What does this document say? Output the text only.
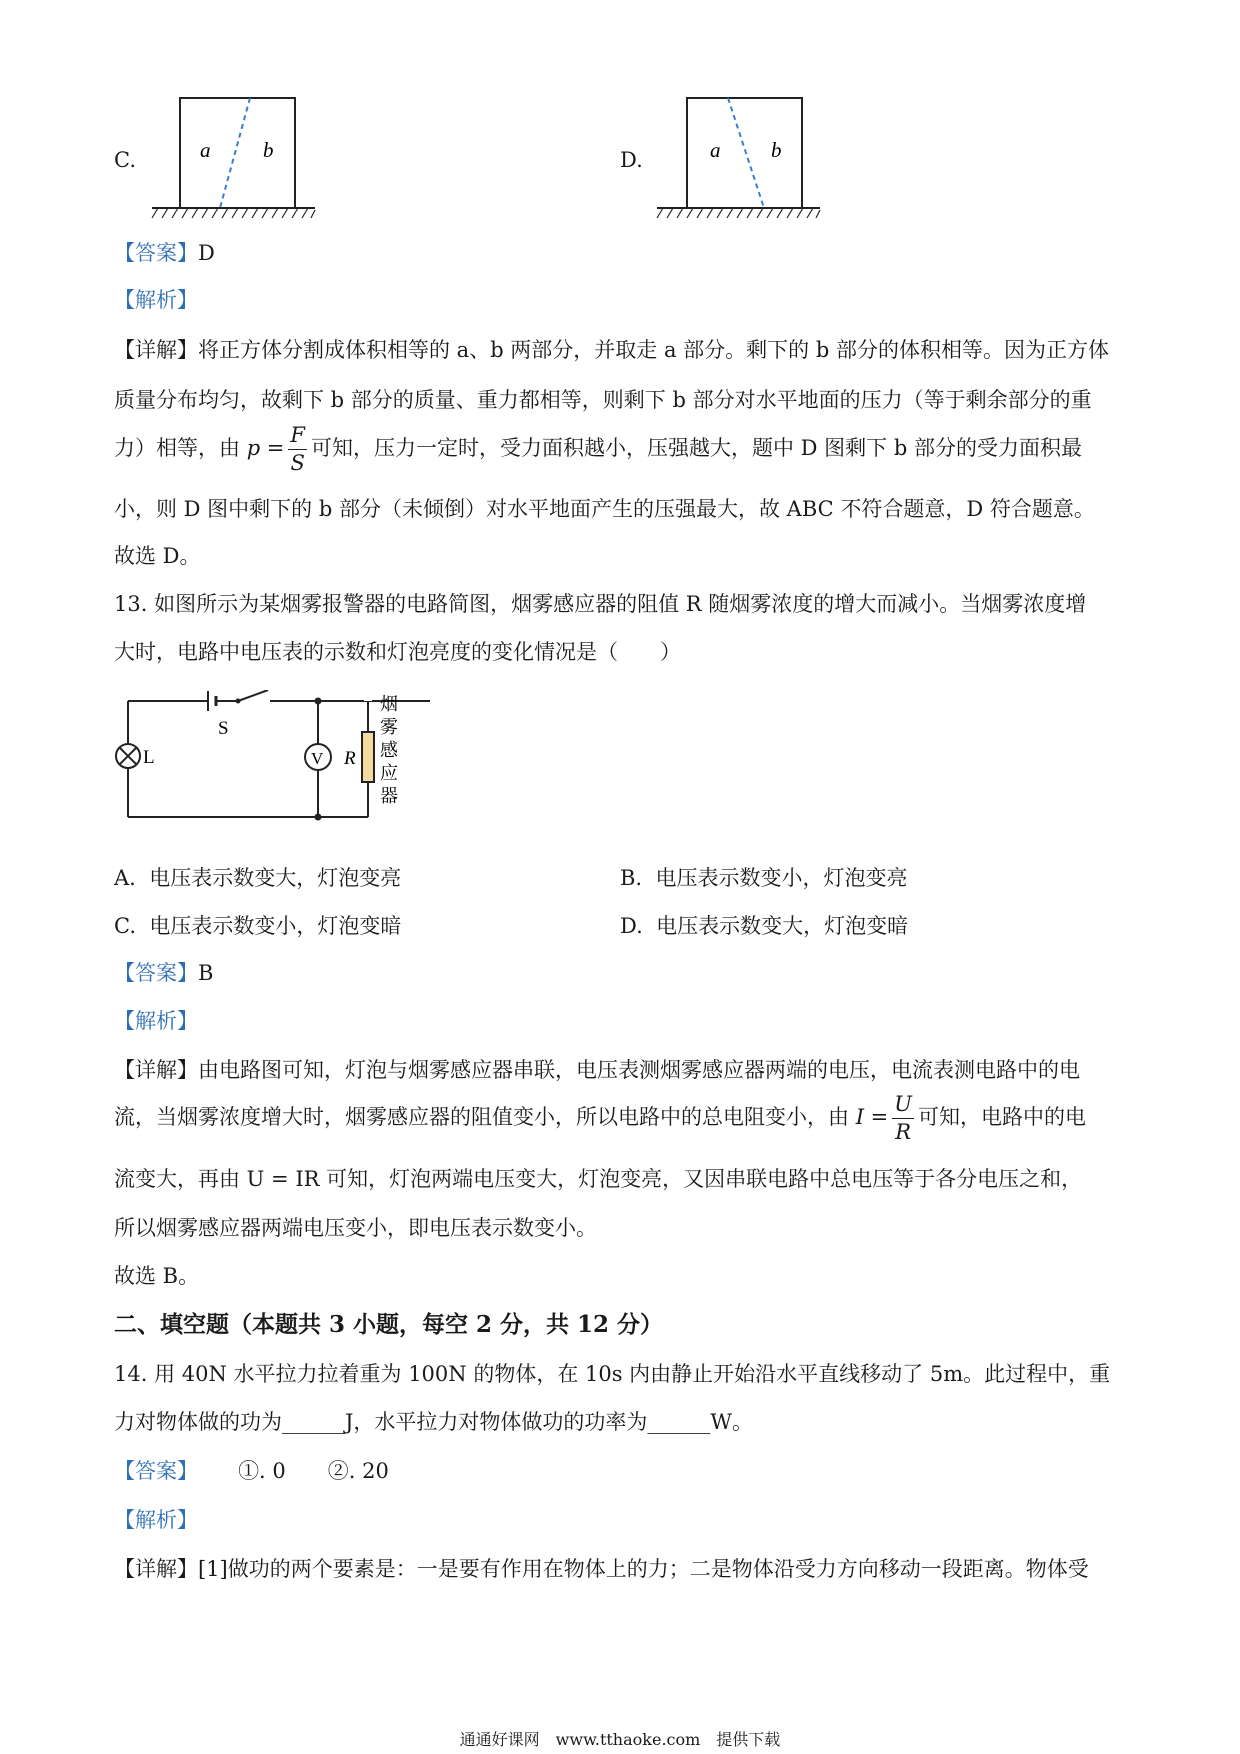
C.	a	b	D.	a b
【答案】D
【解析】
【详解】将正方体分割成体积相等的 a、b 两部分，并取走 a 部分。剩下的 b 部分的体积相等。因为正方体
质量分布均匀，故剩下 b 部分的质量、重力都相等，则剩下 b 部分对水平地面的压力（等于剩余部分的重
力）相等，由 $p = \frac{F}{S}$ 可知，压力一定时，受力面积越小，压强越大，题中 D 图剩下 b 部分的受力面积最
小，则 D 图中剩下的 b 部分（未倾倒）对水平地面产生的压强最大，故 ABC 不符合题意，D 符合题意。
故选 D。
13. 如图所示为某烟雾报警器的电路简图，烟雾感应器的阻值 R 随烟雾浓度的增大而减小。当烟雾浓度增
大时，电路中电压表的示数和灯泡亮度的变化情况是（　　）
S
L	V R
烟
雾
感
应
器
A. 电压表示数变大，灯泡变亮	B. 电压表示数变小，灯泡变亮
C. 电压表示数变小，灯泡变暗	D. 电压表示数变大，灯泡变暗
【答案】B
【解析】
【详解】由电路图可知，灯泡与烟雾感应器串联，电压表测烟雾感应器两端的电压，电流表测电路中的电
流，当烟雾浓度增大时，烟雾感应器的阻值变小，所以电路中的总电阻变小，由 $I = \frac{U}{R}$ 可知，电路中的电
流变大，再由 U = IR 可知，灯泡两端电压变大，灯泡变亮，又因串联电路中总电压等于各分电压之和，
所以烟雾感应器两端电压变小，即电压表示数变小。
故选 B。
二、填空题（本题共 3 小题，每空 2 分，共 12 分）
14. 用 40N 水平拉力拉着重为 100N 的物体，在 10s 内由静止开始沿水平直线移动了 5m。此过程中，重
力对物体做的功为______J，水平拉力对物体做功的功率为______W。
【答案】 ①. 0　　②. 20
【解析】
【详解】[1]做功的两个要素是：一是要有作用在物体上的力；二是物体沿受力方向移动一段距离。物体受
通通好课网　www.tthaoke.com　提供下载
